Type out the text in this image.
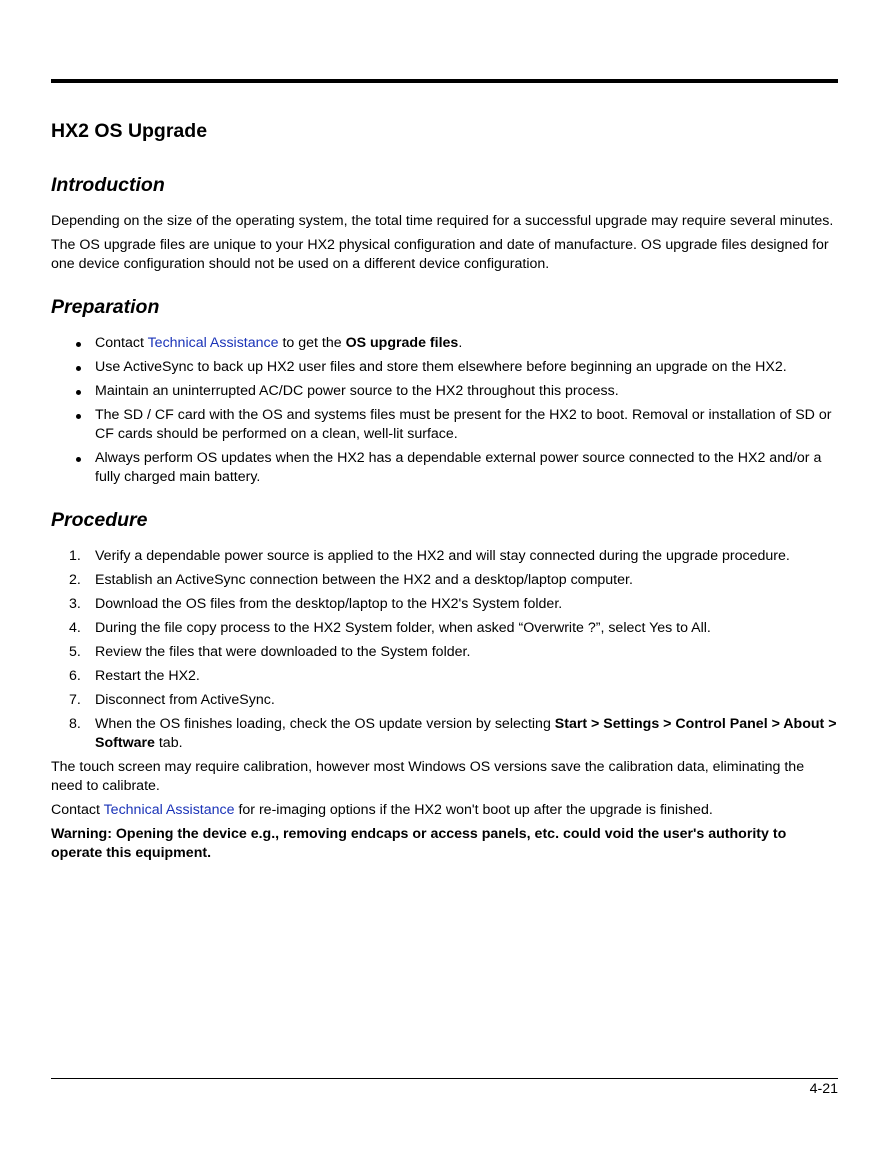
HX2 OS Upgrade
Introduction

Depending on the size of the operating system, the total time required for a successful upgrade may require several minutes.

The OS upgrade files are unique to your HX2 physical configuration and date of manufacture. OS upgrade files designed for one device configuration should not be used on a different device configuration.

Preparation
Contact Technical Assistance to get the OS upgrade files.
Use ActiveSync to back up HX2 user files and store them elsewhere before beginning an upgrade on the HX2.
Maintain an uninterrupted AC/DC power source to the HX2 throughout this process.
The SD / CF card with the OS and systems files must be present for the HX2 to boot. Removal or installation of SD or CF cards should be performed on a clean, well-lit surface.
Always perform OS updates when the HX2 has a dependable external power source connected to the HX2 and/or a fully charged main battery.
Procedure
1. Verify a dependable power source is applied to the HX2 and will stay connected during the upgrade procedure.
2. Establish an ActiveSync connection between the HX2 and a desktop/laptop computer.
3. Download the OS files from the desktop/laptop to the HX2's System folder.
4. During the file copy process to the HX2 System folder, when asked “Overwrite ?”, select Yes to All.
5. Review the files that were downloaded to the System folder.
6. Restart the HX2.
7. Disconnect from ActiveSync.
8. When the OS finishes loading, check the OS update version by selecting Start > Settings > Control Panel > About > Software tab.

The touch screen may require calibration, however most Windows OS versions save the calibration data, eliminating the need to calibrate.

Contact Technical Assistance for re-imaging options if the HX2 won't boot up after the upgrade is finished.

Warning: Opening the device e.g., removing endcaps or access panels, etc. could void the user's authority to operate this equipment.

4-21
